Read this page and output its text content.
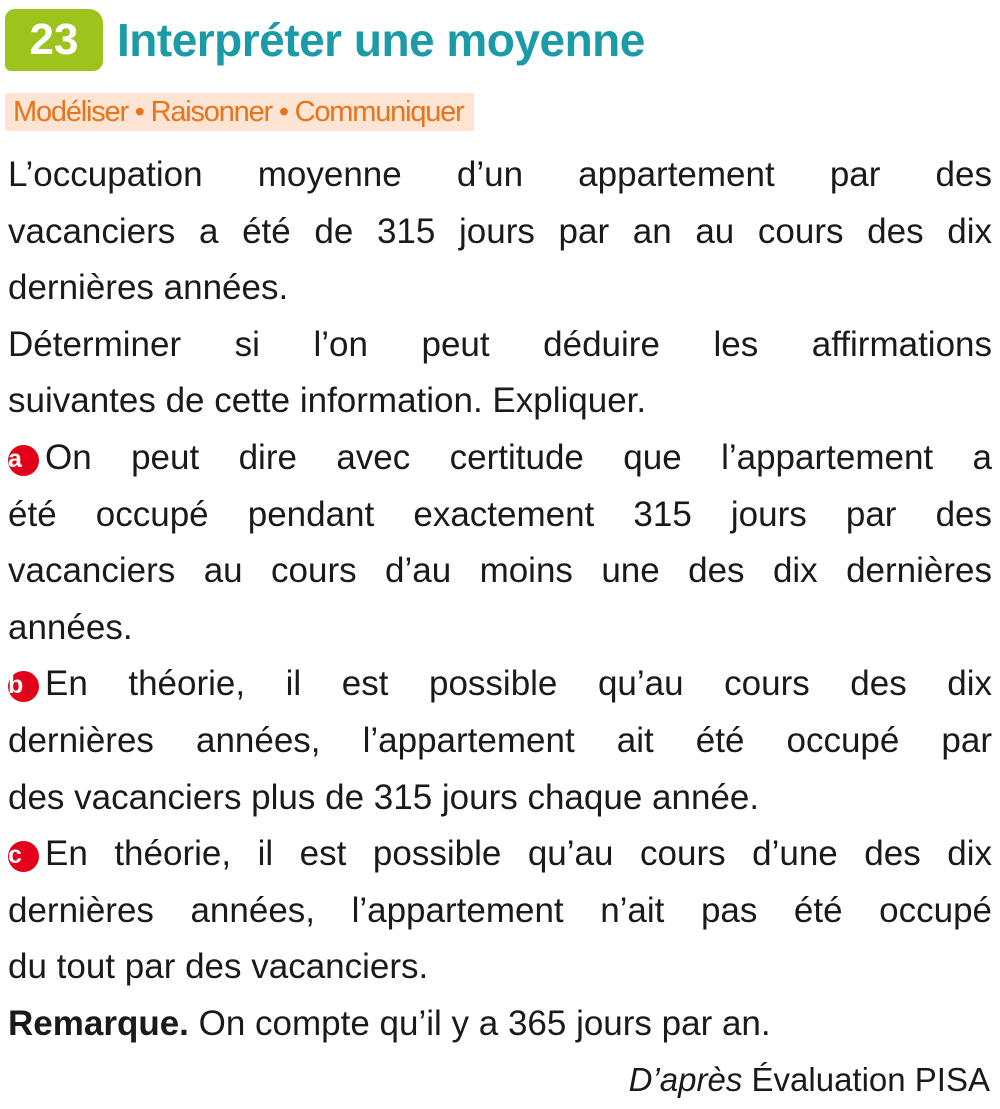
23 Interpréter une moyenne
Modéliser • Raisonner • Communiquer
L’occupation moyenne d’un appartement par des
vacanciers a été de 315 jours par an au cours des dix
dernières années.
Déterminer si l’on peut déduire les affirmations
suivantes de cette information. Expliquer.
a On peut dire avec certitude que l’appartement a
été occupé pendant exactement 315 jours par des
vacanciers au cours d’au moins une des dix dernières
années.
b En théorie, il est possible qu’au cours des dix
dernières années, l’appartement ait été occupé par
des vacanciers plus de 315 jours chaque année.
c En théorie, il est possible qu’au cours d’une des dix
dernières années, l’appartement n’ait pas été occupé
du tout par des vacanciers.
Remarque. On compte qu’il y a 365 jours par an.
D’après Évaluation PISA
